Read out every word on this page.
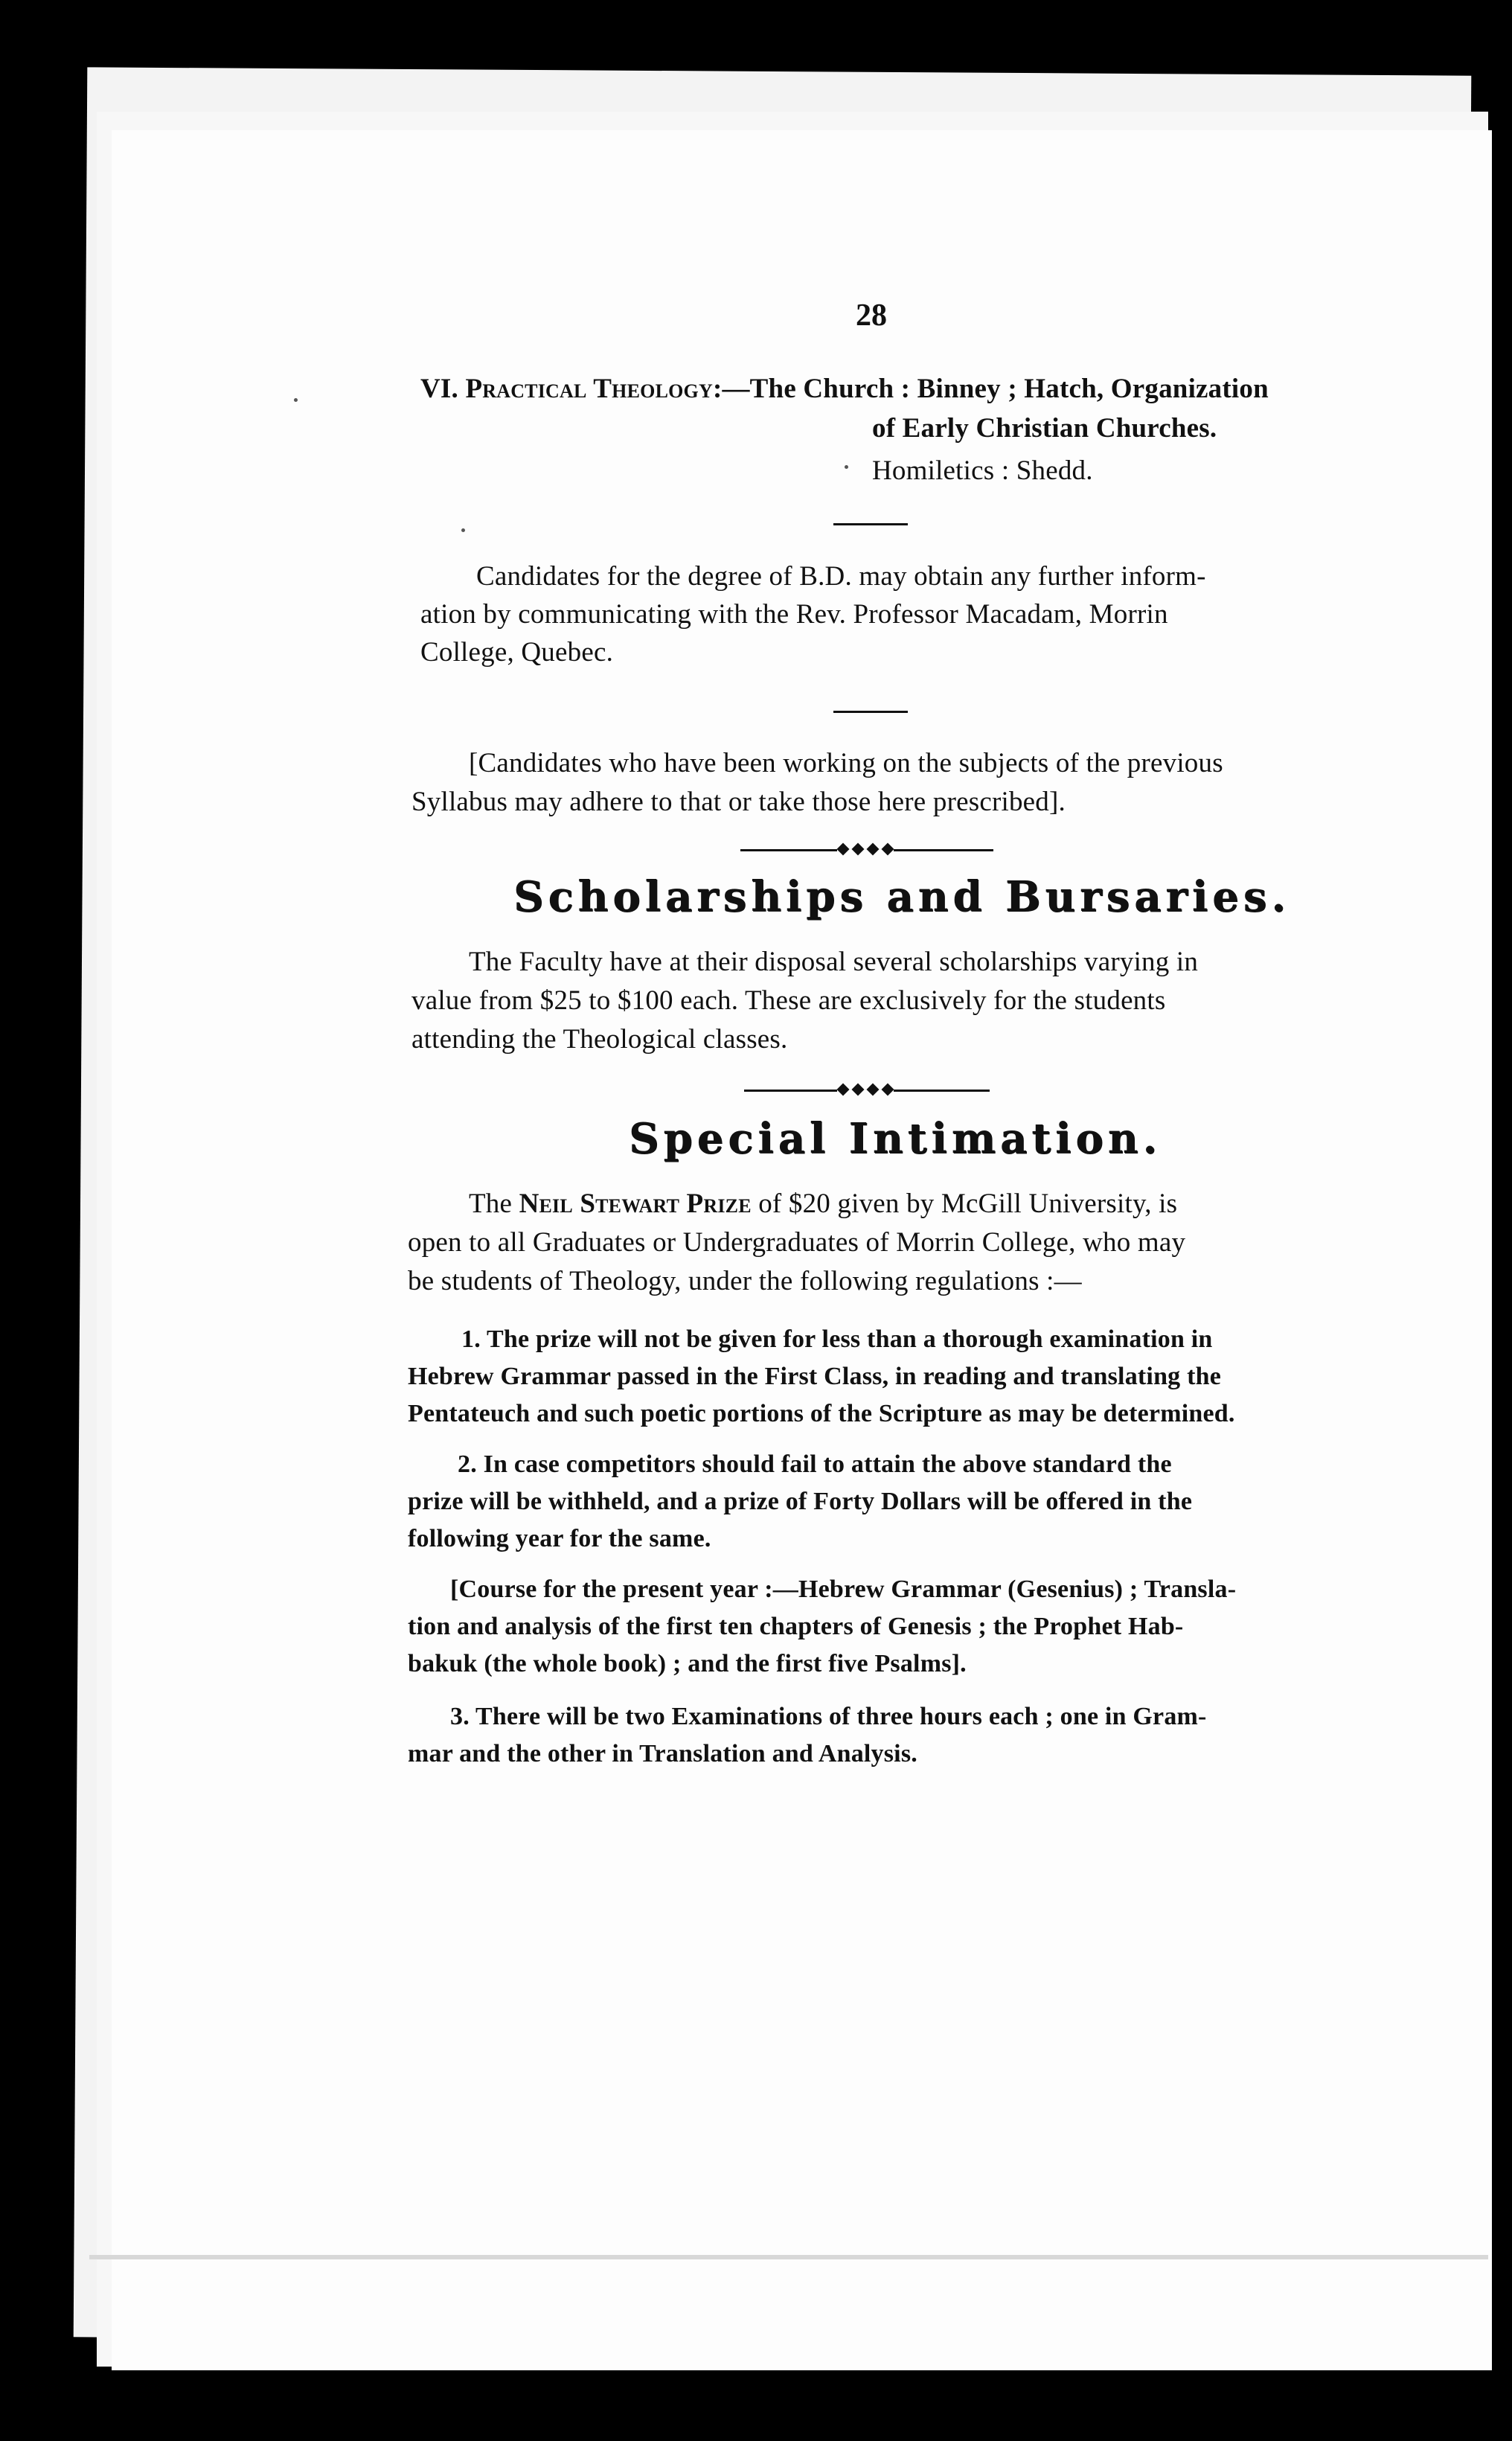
28
VI. Practical Theology:—The Church : Binney ; Hatch, Organization
of Early Christian Churches.
Homiletics : Shedd.
Candidates for the degree of B.D. may obtain any further inform-
ation by communicating with the Rev. Professor Macadam, Morrin
College, Quebec.
[Candidates who have been working on the subjects of the previous
Syllabus may adhere to that or take those here prescribed].
Scholarships and Bursaries.
The Faculty have at their disposal several scholarships varying in
value from $25 to $100 each. These are exclusively for the students
attending the Theological classes.
Special Intimation.
The Neil Stewart Prize of $20 given by McGill University, is
open to all Graduates or Undergraduates of Morrin College, who may
be students of Theology, under the following regulations :—
1. The prize will not be given for less than a thorough examination in
Hebrew Grammar passed in the First Class, in reading and translating the
Pentateuch and such poetic portions of the Scripture as may be determined.
2. In case competitors should fail to attain the above standard the
prize will be withheld, and a prize of Forty Dollars will be offered in the
following year for the same.
[Course for the present year :—Hebrew Grammar (Gesenius) ; Transla-
tion and analysis of the first ten chapters of Genesis ; the Prophet Hab-
bakuk (the whole book) ; and the first five Psalms].
3. There will be two Examinations of three hours each ; one in Gram-
mar and the other in Translation and Analysis.
